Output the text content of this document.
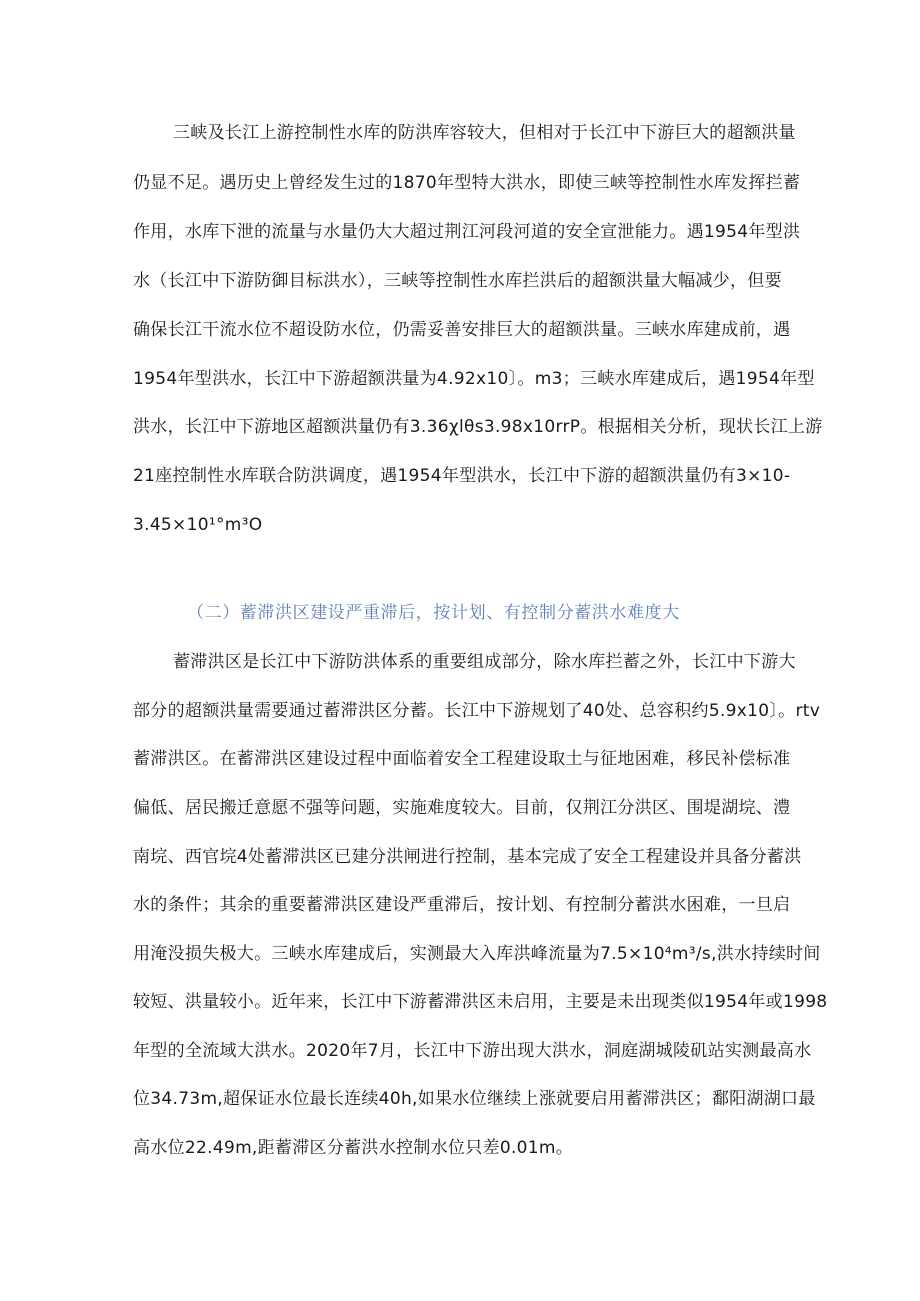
三峡及长江上游控制性水库的防洪库容较大，但相对于长江中下游巨大的超额洪量
仍显不足。遇历史上曾经发生过的1870年型特大洪水，即使三峡等控制性水库发挥拦蓄
作用，水库下泄的流量与水量仍大大超过荆江河段河道的安全宣泄能力。遇1954年型洪
水（长江中下游防御目标洪水），三峡等控制性水库拦洪后的超额洪量大幅减少，但要
确保长江干流水位不超设防水位，仍需妥善安排巨大的超额洪量。三峡水库建成前，遇
1954年型洪水，长江中下游超额洪量为4.92x10〕。m3；三峡水库建成后，遇1954年型
洪水，长江中下游地区超额洪量仍有3.36χlθs3.98x10rrP。根据相关分析，现状长江上游
21座控制性水库联合防洪调度，遇1954年型洪水，长江中下游的超额洪量仍有3×10-
3.45×10¹°m³O
（二）蓄滞洪区建设严重滞后，按计划、有控制分蓄洪水难度大
蓄滞洪区是长江中下游防洪体系的重要组成部分，除水库拦蓄之外，长江中下游大
部分的超额洪量需要通过蓄滞洪区分蓄。长江中下游规划了40处、总容积约5.9x10〕。rtv
蓄滞洪区。在蓄滞洪区建设过程中面临着安全工程建设取土与征地困难，移民补偿标准
偏低、居民搬迁意愿不强等问题，实施难度较大。目前，仅荆江分洪区、围堤湖垸、澧
南垸、西官垸4处蓄滞洪区已建分洪闸进行控制，基本完成了安全工程建设并具备分蓄洪
水的条件；其余的重要蓄滞洪区建设严重滞后，按计划、有控制分蓄洪水困难，一旦启
用淹没损失极大。三峡水库建成后，实测最大入库洪峰流量为7.5×10⁴m³/s,洪水持续时间
较短、洪量较小。近年来，长江中下游蓄滞洪区未启用，主要是未出现类似1954年或1998
年型的全流域大洪水。2020年7月，长江中下游出现大洪水，洞庭湖城陵矶站实测最高水
位34.73m,超保证水位最长连续40h,如果水位继续上涨就要启用蓄滞洪区；鄱阳湖湖口最
高水位22.49m,距蓄滞区分蓄洪水控制水位只差0.01m。
